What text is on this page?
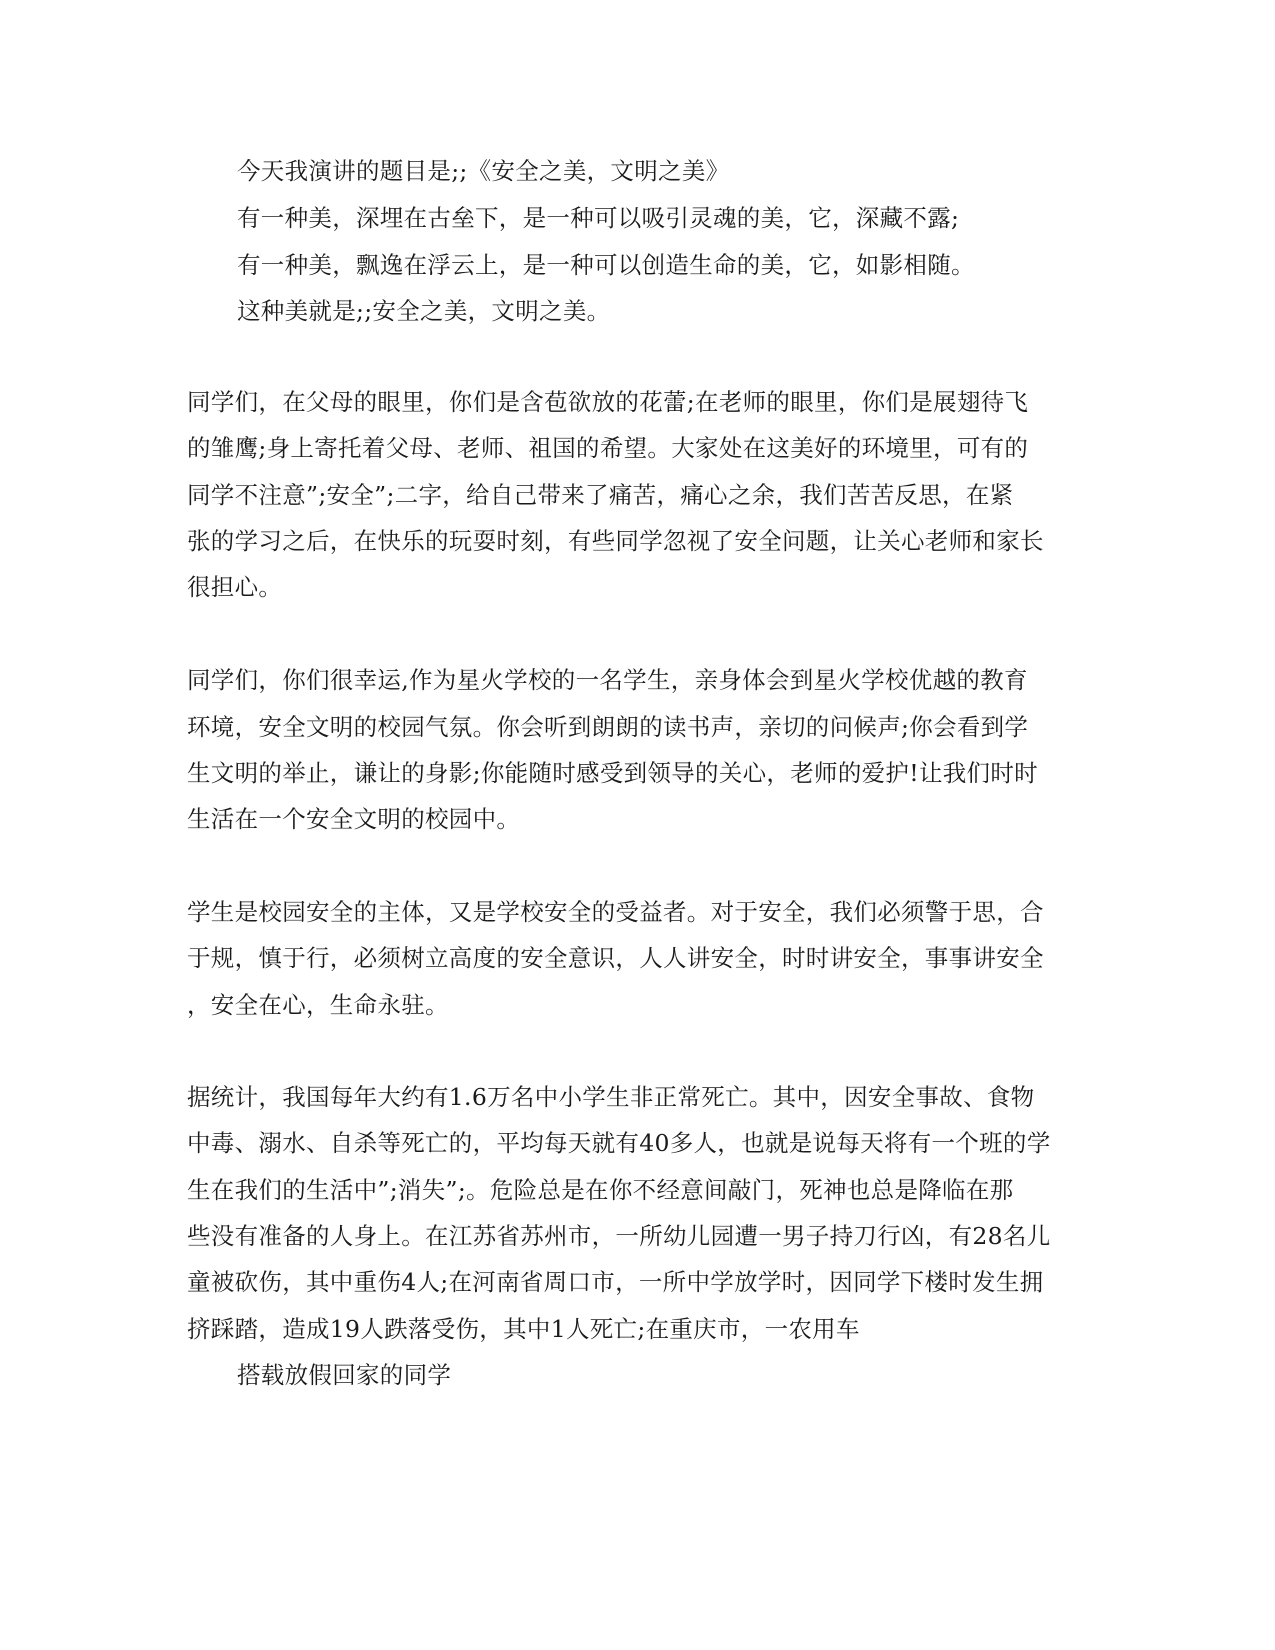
今天我演讲的题目是;;《安全之美，文明之美》
有一种美，深埋在古垒下，是一种可以吸引灵魂的美，它，深藏不露;
有一种美，飘逸在浮云上，是一种可以创造生命的美，它，如影相随。
这种美就是;;安全之美，文明之美。
同学们，在父母的眼里，你们是含苞欲放的花蕾;在老师的眼里，你们是展翅待飞
的雏鹰;身上寄托着父母、老师、祖国的希望。大家处在这美好的环境里，可有的
同学不注意”;安全”;二字，给自己带来了痛苦，痛心之余，我们苦苦反思，在紧
张的学习之后，在快乐的玩耍时刻，有些同学忽视了安全问题，让关心老师和家长
很担心。
同学们，你们很幸运,作为星火学校的一名学生，亲身体会到星火学校优越的教育
环境，安全文明的校园气氛。你会听到朗朗的读书声，亲切的问候声;你会看到学
生文明的举止，谦让的身影;你能随时感受到领导的关心，老师的爱护!让我们时时
生活在一个安全文明的校园中。
学生是校园安全的主体，又是学校安全的受益者。对于安全，我们必须警于思，合
于规，慎于行，必须树立高度的安全意识，人人讲安全，时时讲安全，事事讲安全
，安全在心，生命永驻。
据统计，我国每年大约有1.6万名中小学生非正常死亡。其中，因安全事故、食物
中毒、溺水、自杀等死亡的，平均每天就有40多人，也就是说每天将有一个班的学
生在我们的生活中”;消失”;。危险总是在你不经意间敲门，死神也总是降临在那
些没有准备的人身上。在江苏省苏州市，一所幼儿园遭一男子持刀行凶，有28名儿
童被砍伤，其中重伤4人;在河南省周口市，一所中学放学时，因同学下楼时发生拥
挤踩踏，造成19人跌落受伤，其中1人死亡;在重庆市，一农用车
搭载放假回家的同学
